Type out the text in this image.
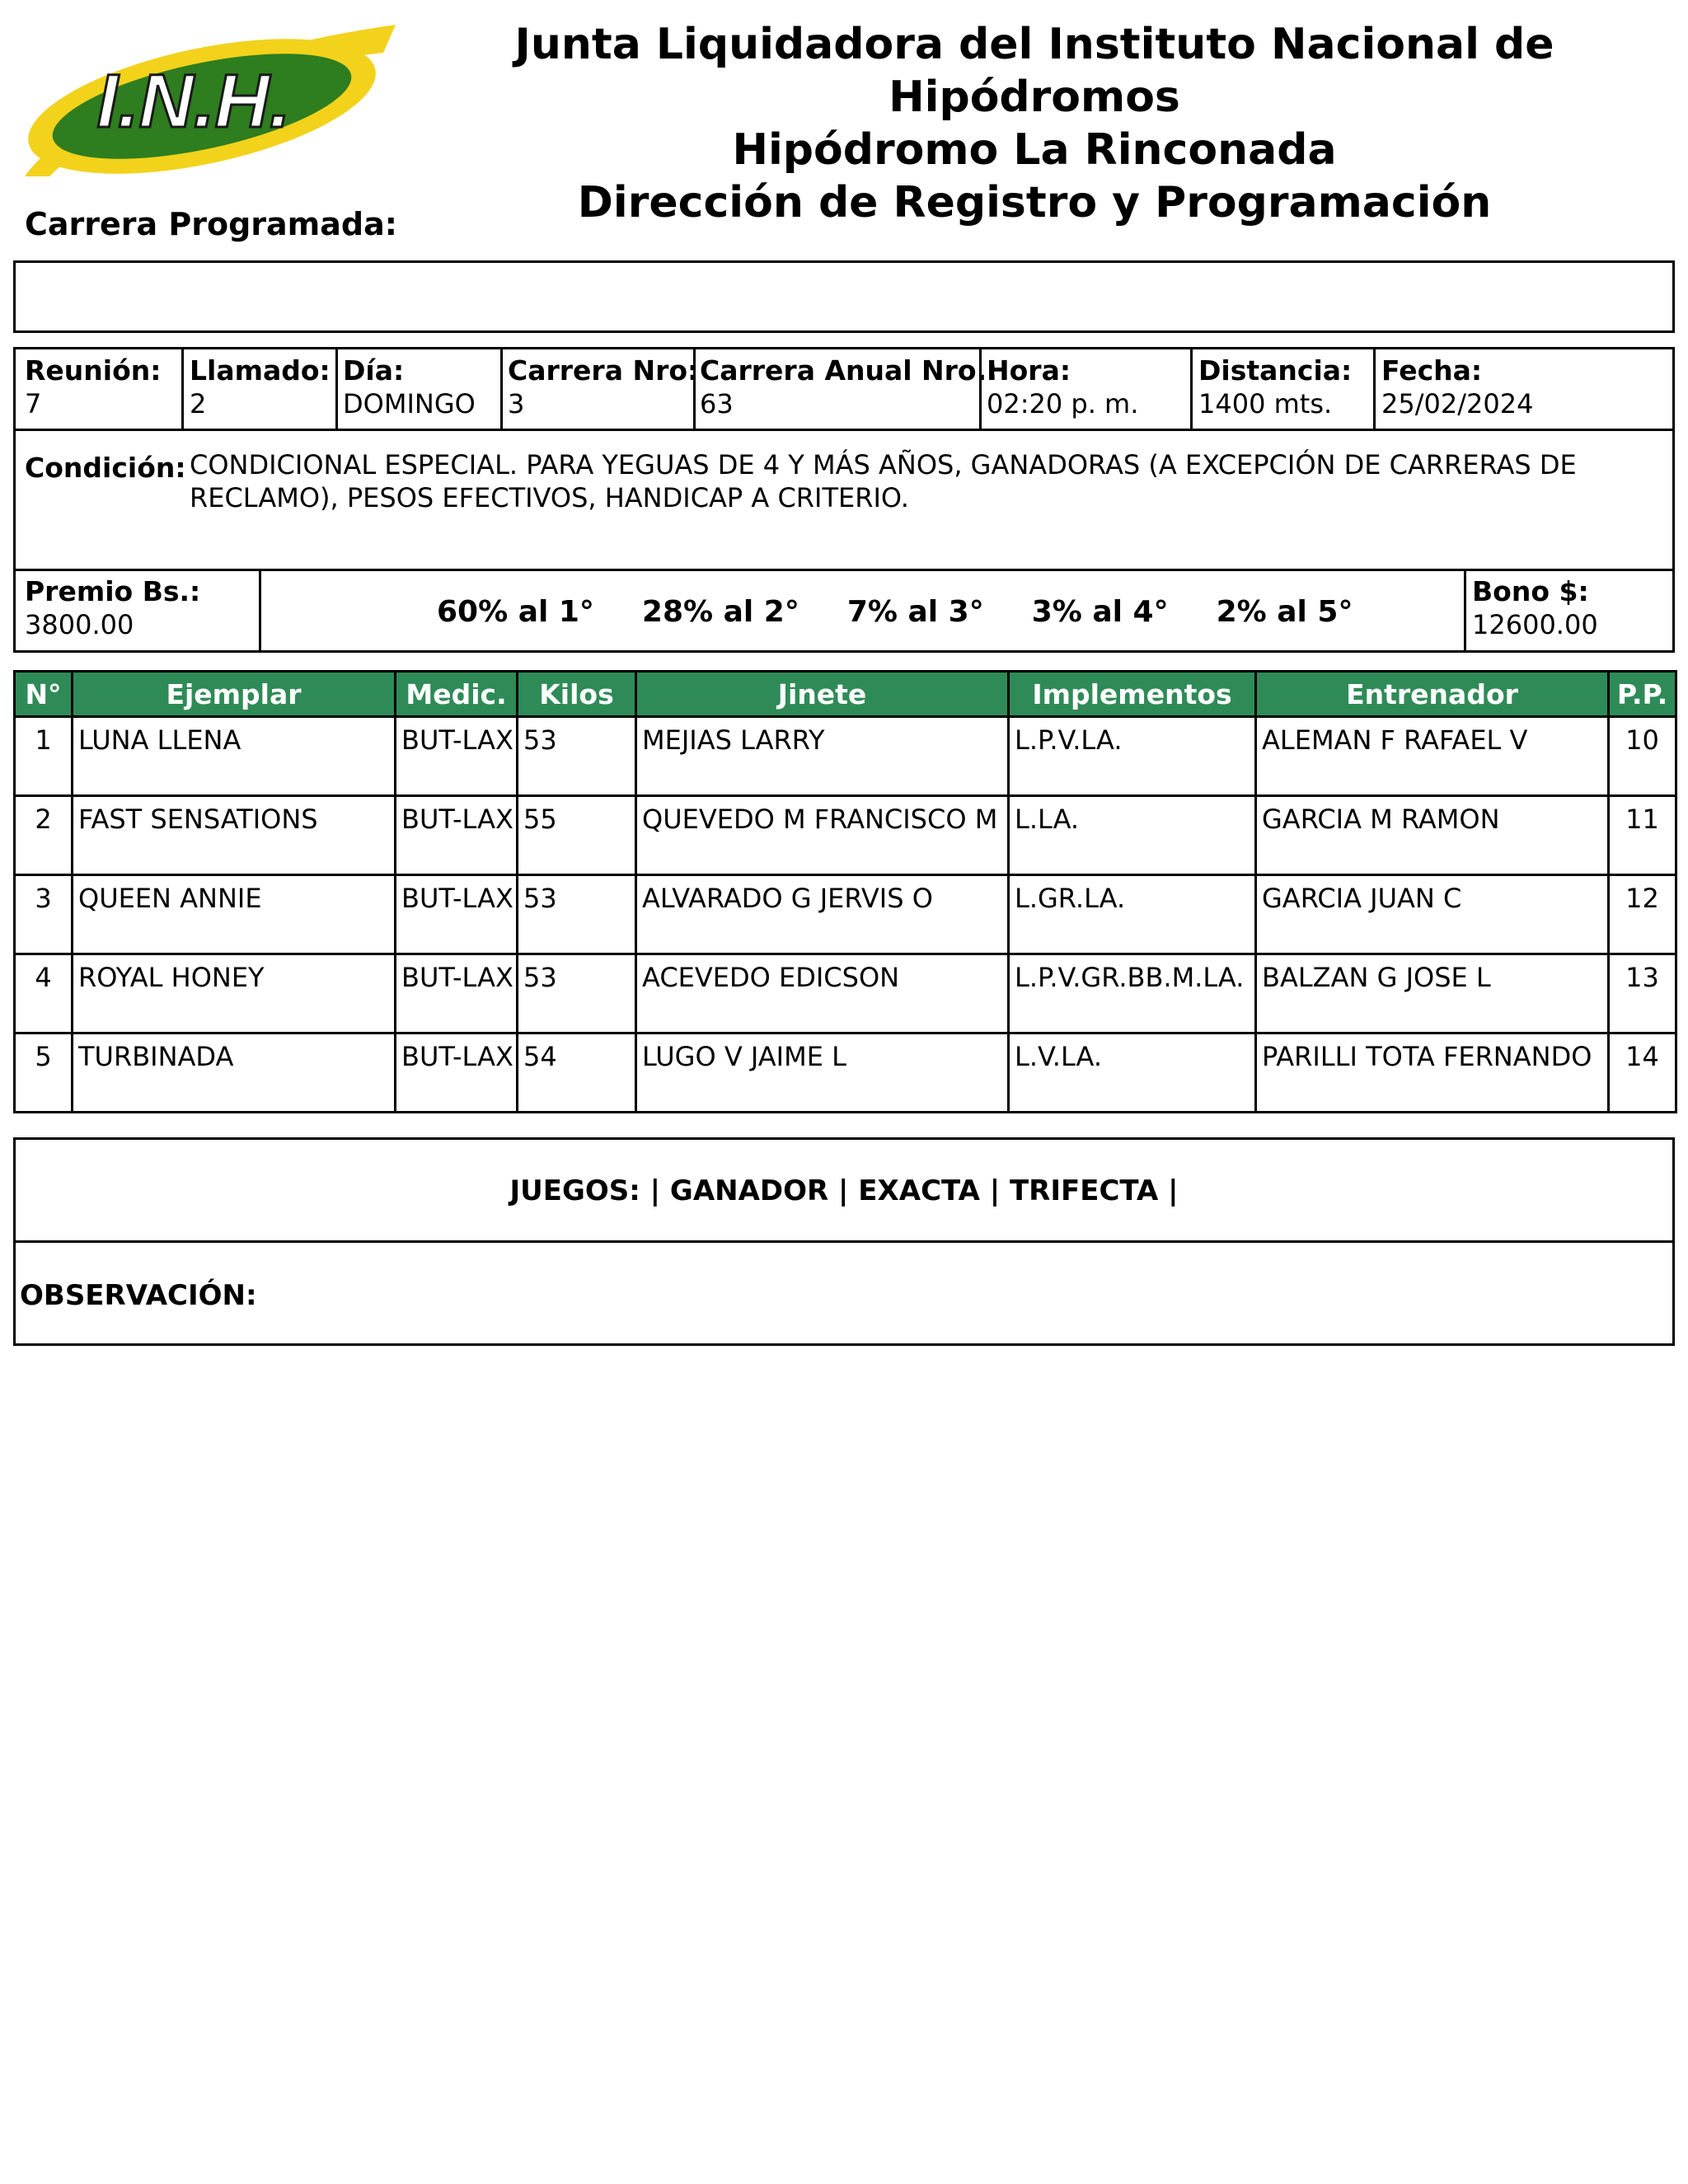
I.N.H.
Junta Liquidadora del Instituto Nacional de Hipódromos
Hipódromo La Rinconada
Dirección de Registro y Programación
Carrera Programada:
Reunión:
7
Llamado:
2
Día:
DOMINGO
Carrera Nro:
3
Carrera Anual Nro.:
63
Hora:
02:20 p. m.
Distancia:
1400 mts.
Fecha:
25/02/2024
Condición: CONDICIONAL ESPECIAL. PARA YEGUAS DE 4 Y MÁS AÑOS, GANADORAS (A EXCEPCIÓN DE CARRERAS DE
RECLAMO), PESOS EFECTIVOS, HANDICAP A CRITERIO.
Premio Bs.:
3800.00	60% al 1° 28% al 2° 7% al 3° 3% al 4° 2% al 5°
Bono $:
12600.00
N°	Ejemplar	Medic.	Kilos	Jinete	Implementos	Entrenador	P.P.
1	LUNA LLENA	BUT-LAX	53	MEJIAS LARRY	L.P.V.LA.	ALEMAN F RAFAEL V	10
2	FAST SENSATIONS	BUT-LAX	55	QUEVEDO M FRANCISCO M	L.LA.	GARCIA M RAMON	11
3	QUEEN ANNIE	BUT-LAX	53	ALVARADO G JERVIS O	L.GR.LA.	GARCIA JUAN C	12
4	ROYAL HONEY	BUT-LAX	53	ACEVEDO EDICSON	L.P.V.GR.BB.M.LA.	BALZAN G JOSE L	13
5	TURBINADA	BUT-LAX	54	LUGO V JAIME L	L.V.LA.	PARILLI TOTA FERNANDO	14
JUEGOS: | GANADOR | EXACTA | TRIFECTA |
OBSERVACIÓN:
